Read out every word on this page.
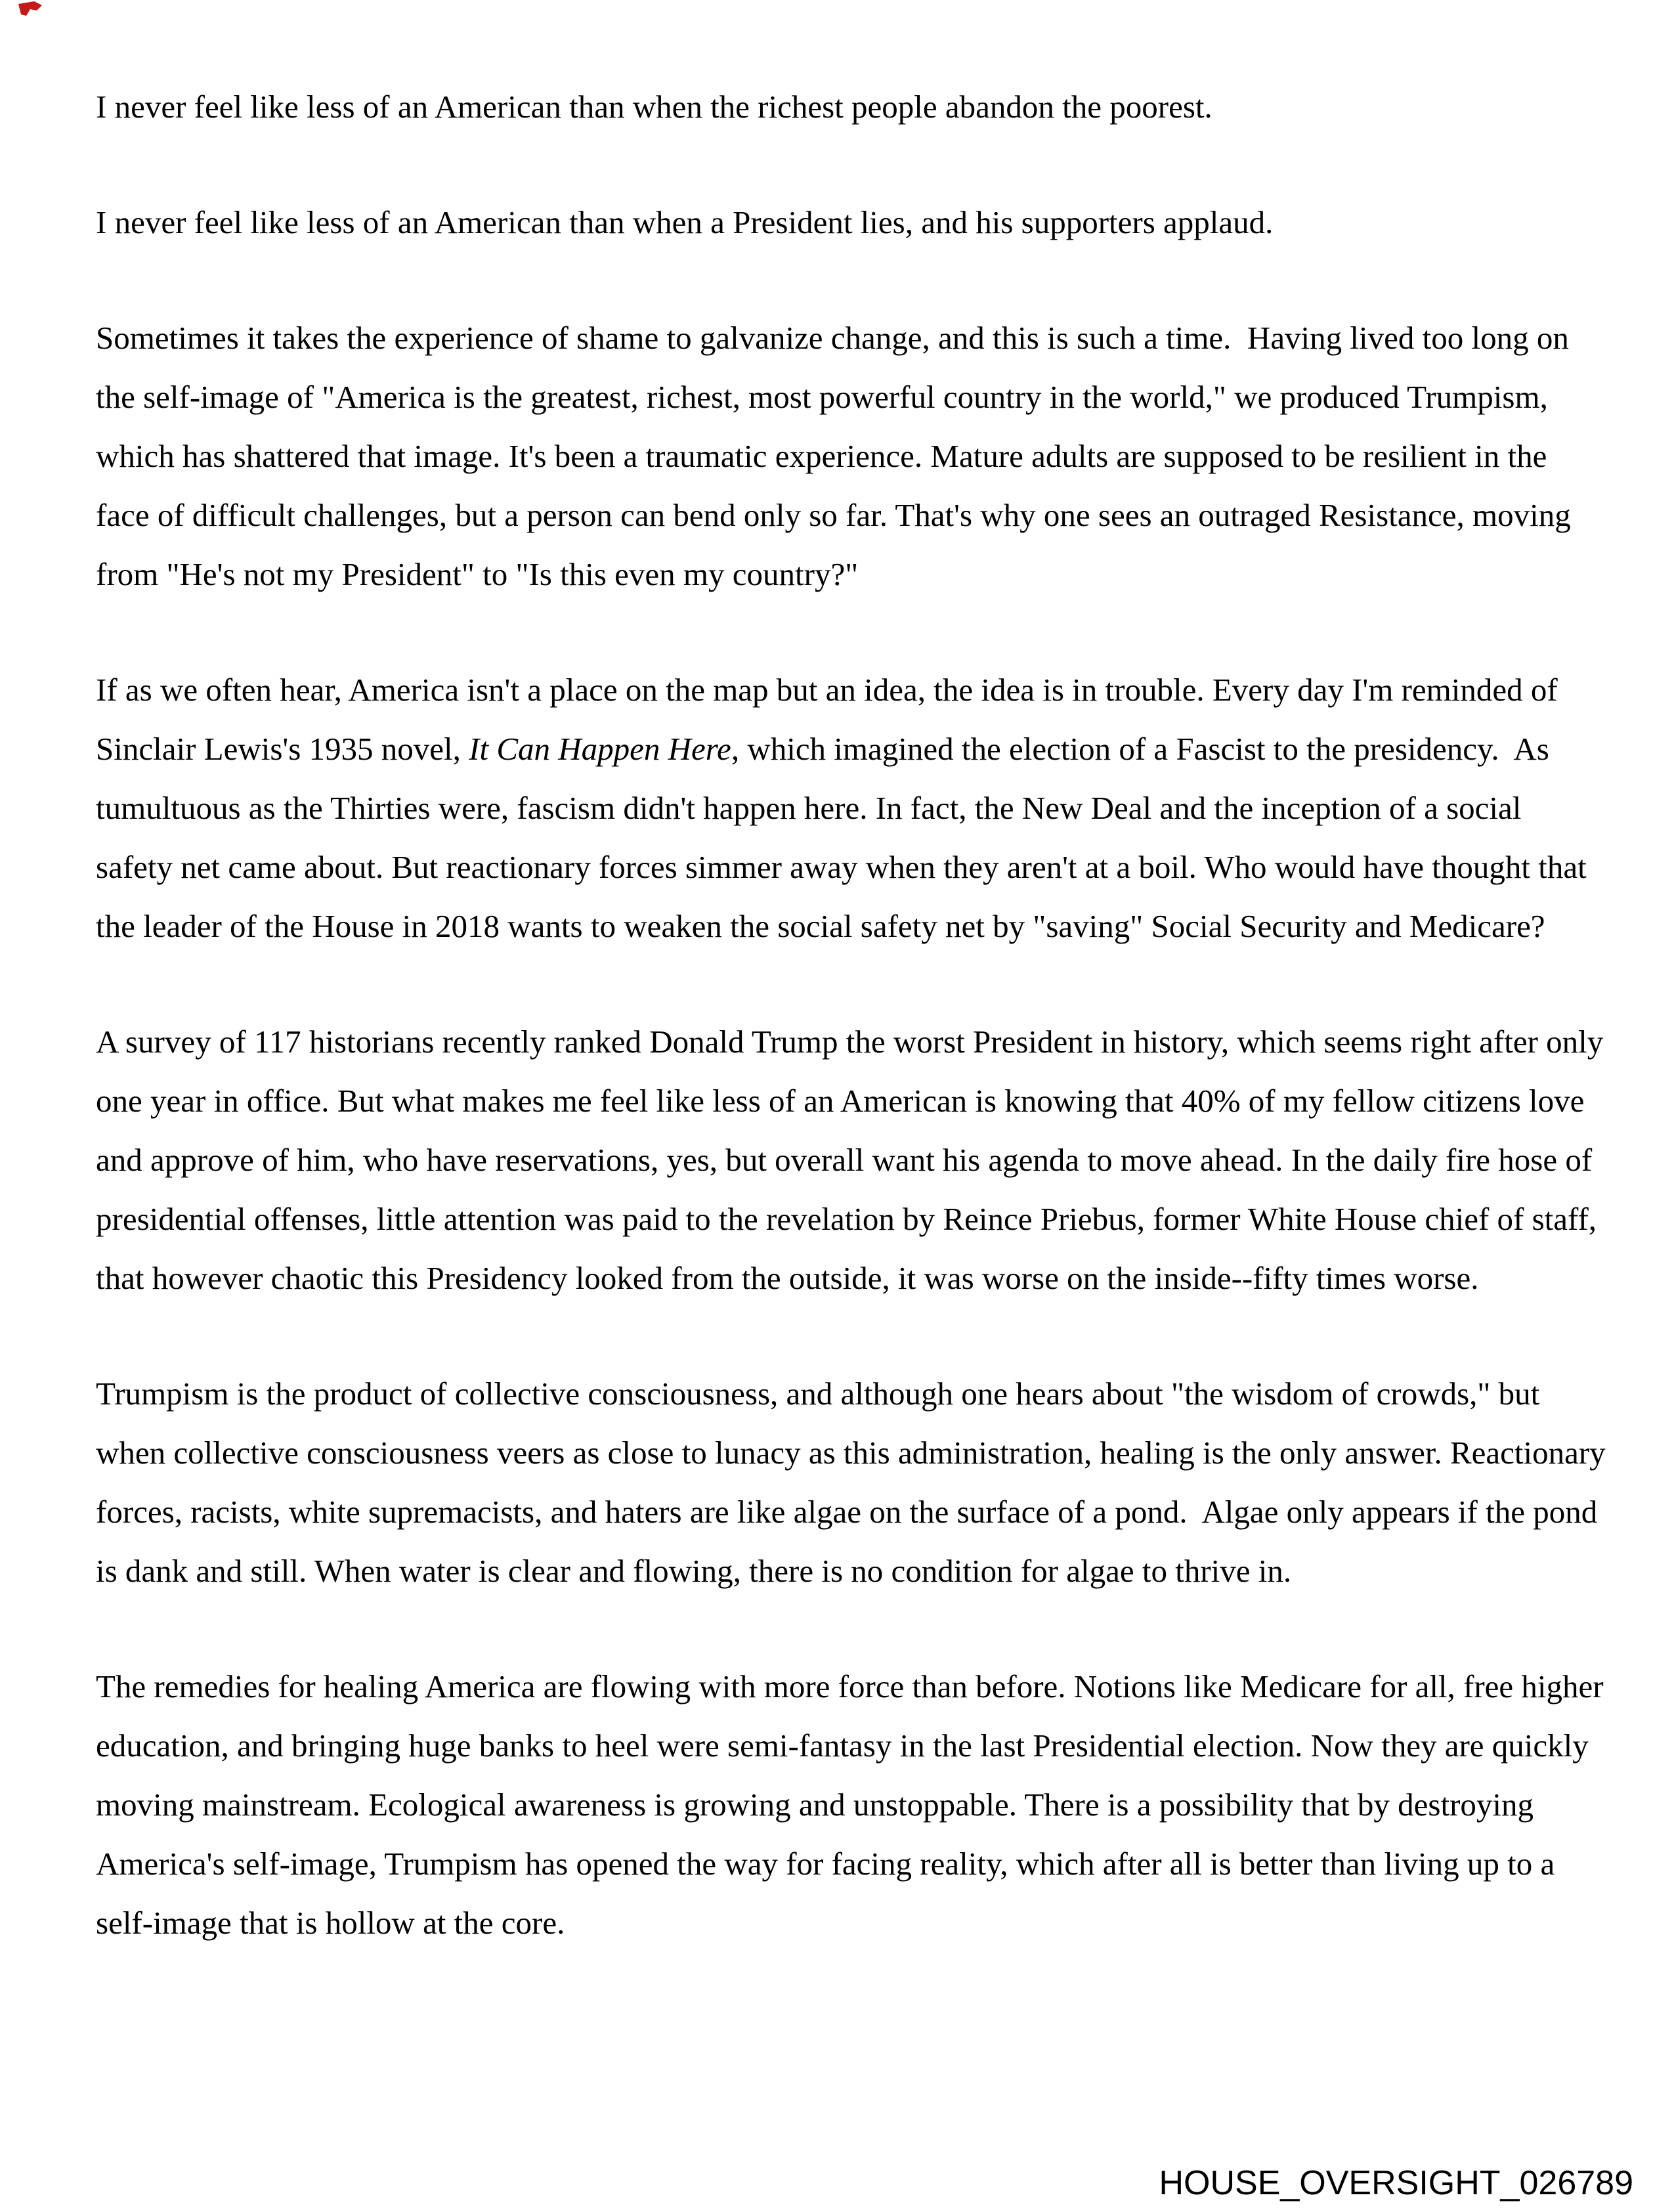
I never feel like less of an American than when the richest people abandon the poorest.

I never feel like less of an American than when a President lies, and his supporters applaud.

Sometimes it takes the experience of shame to galvanize change, and this is such a time.  Having lived too long on the self-image of "America is the greatest, richest, most powerful country in the world," we produced Trumpism, which has shattered that image. It's been a traumatic experience. Mature adults are supposed to be resilient in the face of difficult challenges, but a person can bend only so far. That's why one sees an outraged Resistance, moving from "He's not my President" to "Is this even my country?"

If as we often hear, America isn't a place on the map but an idea, the idea is in trouble. Every day I'm reminded of Sinclair Lewis's 1935 novel, It Can Happen Here, which imagined the election of a Fascist to the presidency.  As tumultuous as the Thirties were, fascism didn't happen here. In fact, the New Deal and the inception of a social safety net came about. But reactionary forces simmer away when they aren't at a boil. Who would have thought that the leader of the House in 2018 wants to weaken the social safety net by "saving" Social Security and Medicare?

A survey of 117 historians recently ranked Donald Trump the worst President in history, which seems right after only one year in office. But what makes me feel like less of an American is knowing that 40% of my fellow citizens love and approve of him, who have reservations, yes, but overall want his agenda to move ahead. In the daily fire hose of presidential offenses, little attention was paid to the revelation by Reince Priebus, former White House chief of staff, that however chaotic this Presidency looked from the outside, it was worse on the inside--fifty times worse.

Trumpism is the product of collective consciousness, and although one hears about "the wisdom of crowds," but when collective consciousness veers as close to lunacy as this administration, healing is the only answer. Reactionary forces, racists, white supremacists, and haters are like algae on the surface of a pond.  Algae only appears if the pond is dank and still. When water is clear and flowing, there is no condition for algae to thrive in.

The remedies for healing America are flowing with more force than before. Notions like Medicare for all, free higher education, and bringing huge banks to heel were semi-fantasy in the last Presidential election. Now they are quickly moving mainstream. Ecological awareness is growing and unstoppable. There is a possibility that by destroying America's self-image, Trumpism has opened the way for facing reality, which after all is better than living up to a self-image that is hollow at the core.

HOUSE_OVERSIGHT_026789
